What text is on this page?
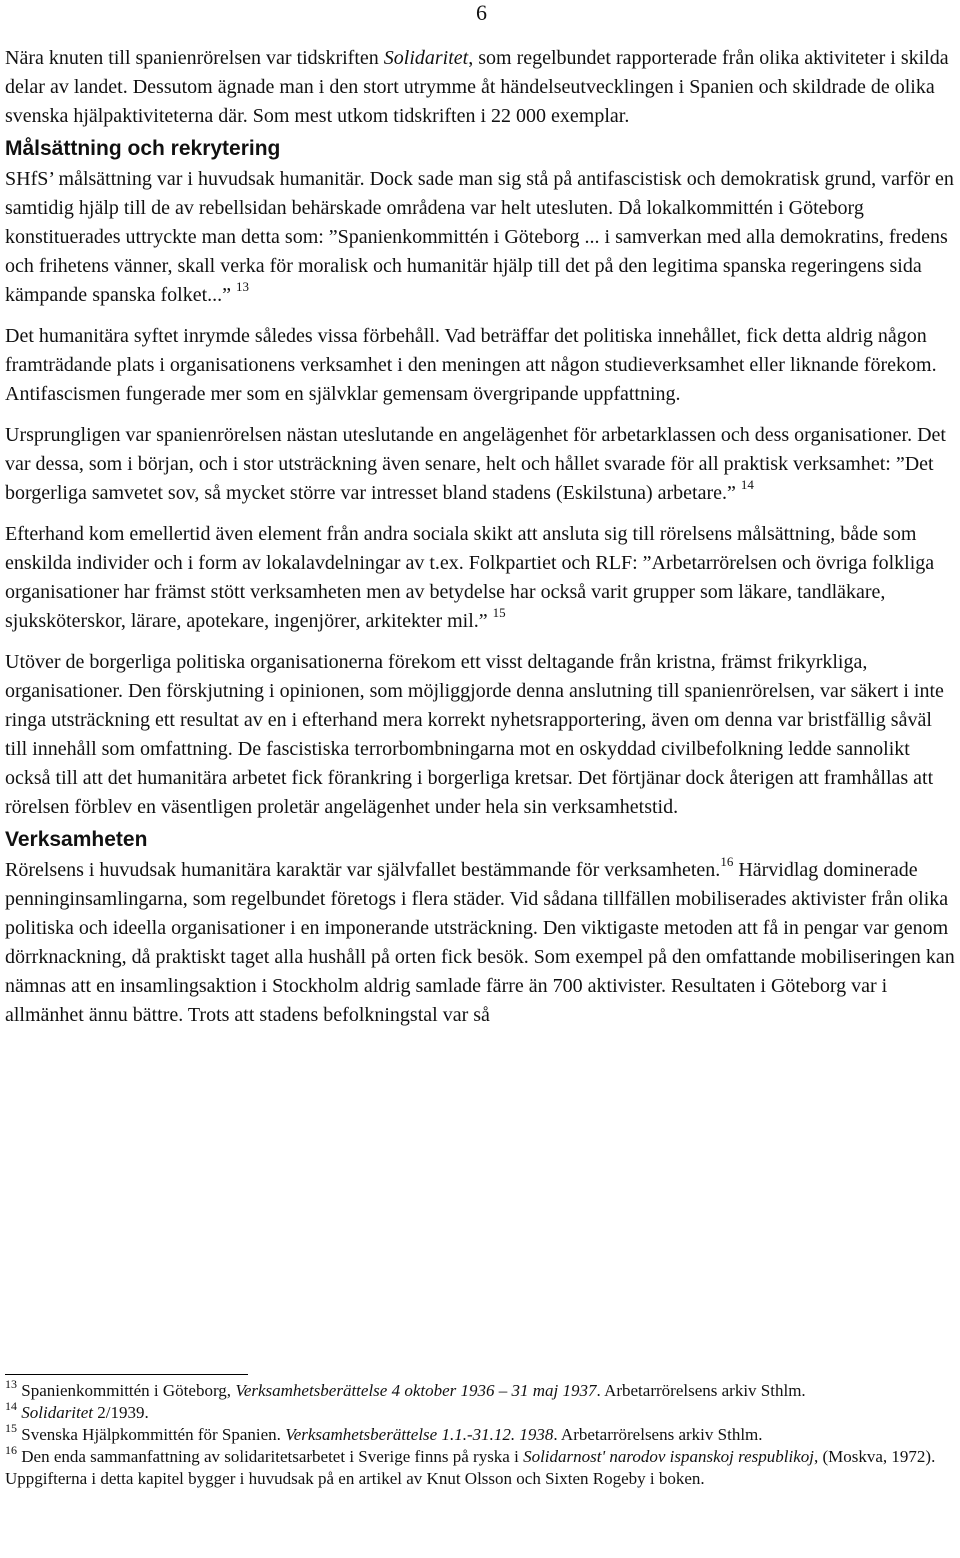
6

Nära knuten till spanienrörelsen var tidskriften Solidaritet, som regelbundet rapporterade från olika aktiviteter i skilda delar av landet. Dessutom ägnade man i den stort utrymme åt händelseutvecklingen i Spanien och skildrade de olika svenska hjälpaktiviteterna där. Som mest utkom tidskriften i 22 000 exemplar.

Målsättning och rekrytering

SHfS’ målsättning var i huvudsak humanitär. Dock sade man sig stå på antifascistisk och demokratisk grund, varför en samtidig hjälp till de av rebellsidan behärskade områdena var helt utesluten. Då lokalkommittén i Göteborg konstituerades uttryckte man detta som: ”Spanienkommittén i Göteborg ... i samverkan med alla demokratins, fredens och frihetens vänner, skall verka för moralisk och humanitär hjälp till det på den legitima spanska regeringens sida kämpande spanska folket...” $^{13}$

Det humanitära syftet inrymde således vissa förbehåll. Vad beträffar det politiska innehållet, fick detta aldrig någon framträdande plats i organisationens verksamhet i den meningen att någon studieverksamhet eller liknande förekom. Antifascismen fungerade mer som en självklar gemensam övergripande uppfattning.

Ursprungligen var spanienrörelsen nästan uteslutande en angelägenhet för arbetarklassen och dess organisationer. Det var dessa, som i början, och i stor utsträckning även senare, helt och hållet svarade för all praktisk verksamhet: ”Det borgerliga samvetet sov, så mycket större var intresset bland stadens (Eskilstuna) arbetare.” $^{14}$

Efterhand kom emellertid även element från andra sociala skikt att ansluta sig till rörelsens målsättning, både som enskilda individer och i form av lokalavdelningar av t.ex. Folkpartiet och RLF: ”Arbetarrörelsen och övriga folkliga organisationer har främst stött verksamheten men av betydelse har också varit grupper som läkare, tandläkare, sjuksköterskor, lärare, apotekare, ingenjörer, arkitekter mil.” $^{15}$

Utöver de borgerliga politiska organisationerna förekom ett visst deltagande från kristna, främst frikyrkliga, organisationer. Den förskjutning i opinionen, som möjliggjorde denna anslutning till spanienrörelsen, var säkert i inte ringa utsträckning ett resultat av en i efterhand mera korrekt nyhetsrapportering, även om denna var bristfällig såväl till innehåll som omfattning. De fascistiska terrorbombningarna mot en oskyddad civilbefolkning ledde sannolikt också till att det humanitära arbetet fick förankring i borgerliga kretsar. Det förtjänar dock återigen att framhållas att rörelsen förblev en väsentligen proletär angelägenhet under hela sin verksamhetstid.

Verksamheten

Rörelsens i huvudsak humanitära karaktär var självfallet bestämmande för verksamheten.$^{16}$ Härvidlag dominerade penninginsamlingarna, som regelbundet företogs i flera städer. Vid sådana tillfällen mobiliserades aktivister från olika politiska och ideella organisationer i en imponerande utsträckning. Den viktigaste metoden att få in pengar var genom dörrknackning, då praktiskt taget alla hushåll på orten fick besök. Som exempel på den omfattande mobiliseringen kan nämnas att en insamlingsaktion i Stockholm aldrig samlade färre än 700 aktivister. Resultaten i Göteborg var i allmänhet ännu bättre. Trots att stadens befolkningstal var så

$^{13}$ Spanienkommittén i Göteborg, Verksamhetsberättelse 4 oktober 1936 – 31 maj 1937. Arbetarrörelsens arkiv Sthlm.

$^{14}$ Solidaritet 2/1939.

$^{15}$ Svenska Hjälpkommittén för Spanien. Verksamhetsberättelse 1.1.-31.12. 1938. Arbetarrörelsens arkiv Sthlm.

$^{16}$ Den enda sammanfattning av solidaritetsarbetet i Sverige finns på ryska i Solidarnost' narodov ispanskoj respublikoj, (Moskva, 1972). Uppgifterna i detta kapitel bygger i huvudsak på en artikel av Knut Olsson och Sixten Rogeby i boken.
